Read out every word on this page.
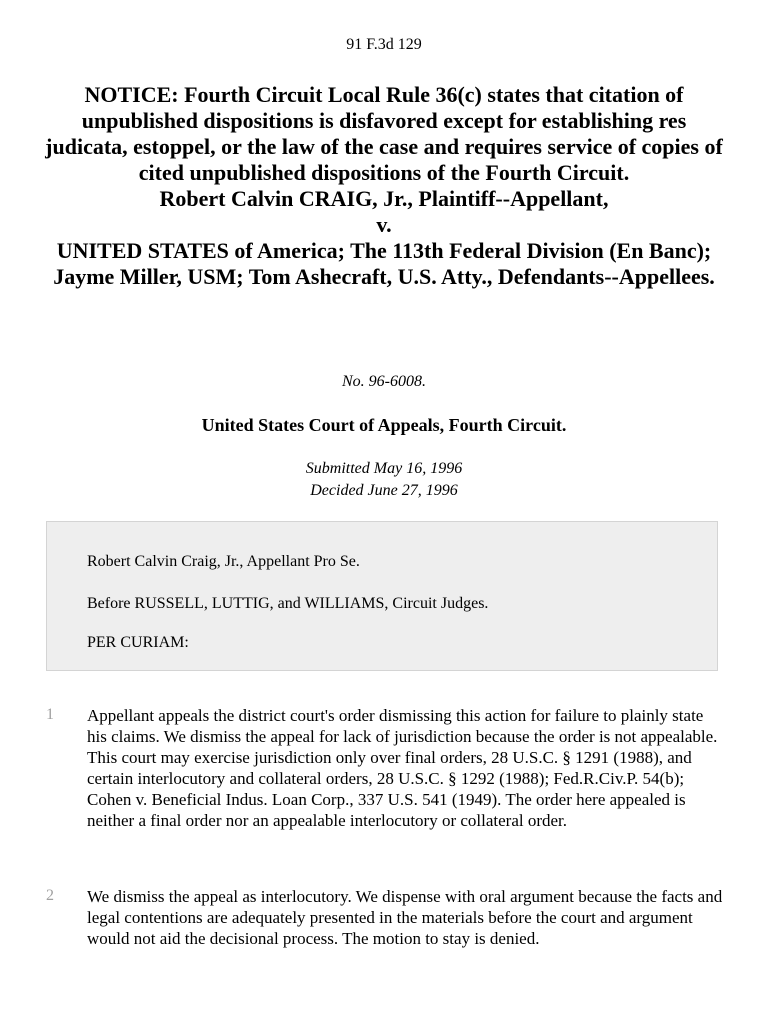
91 F.3d 129
NOTICE: Fourth Circuit Local Rule 36(c) states that citation of unpublished dispositions is disfavored except for establishing res judicata, estoppel, or the law of the case and requires service of copies of cited unpublished dispositions of the Fourth Circuit.
Robert Calvin CRAIG, Jr., Plaintiff--Appellant,
v.
UNITED STATES of America; The 113th Federal Division (En Banc); Jayme Miller, USM; Tom Ashecraft, U.S. Atty., Defendants--Appellees.
No. 96-6008.
United States Court of Appeals, Fourth Circuit.
Submitted May 16, 1996
Decided June 27, 1996

Robert Calvin Craig, Jr., Appellant Pro Se.

Before RUSSELL, LUTTIG, and WILLIAMS, Circuit Judges.

PER CURIAM:

1 Appellant appeals the district court's order dismissing this action for failure to plainly state his claims. We dismiss the appeal for lack of jurisdiction because the order is not appealable. This court may exercise jurisdiction only over final orders, 28 U.S.C. § 1291 (1988), and certain interlocutory and collateral orders, 28 U.S.C. § 1292 (1988); Fed.R.Civ.P. 54(b); Cohen v. Beneficial Indus. Loan Corp., 337 U.S. 541 (1949). The order here appealed is neither a final order nor an appealable interlocutory or collateral order.
2 We dismiss the appeal as interlocutory. We dispense with oral argument because the facts and legal contentions are adequately presented in the materials before the court and argument would not aid the decisional process. The motion to stay is denied.
